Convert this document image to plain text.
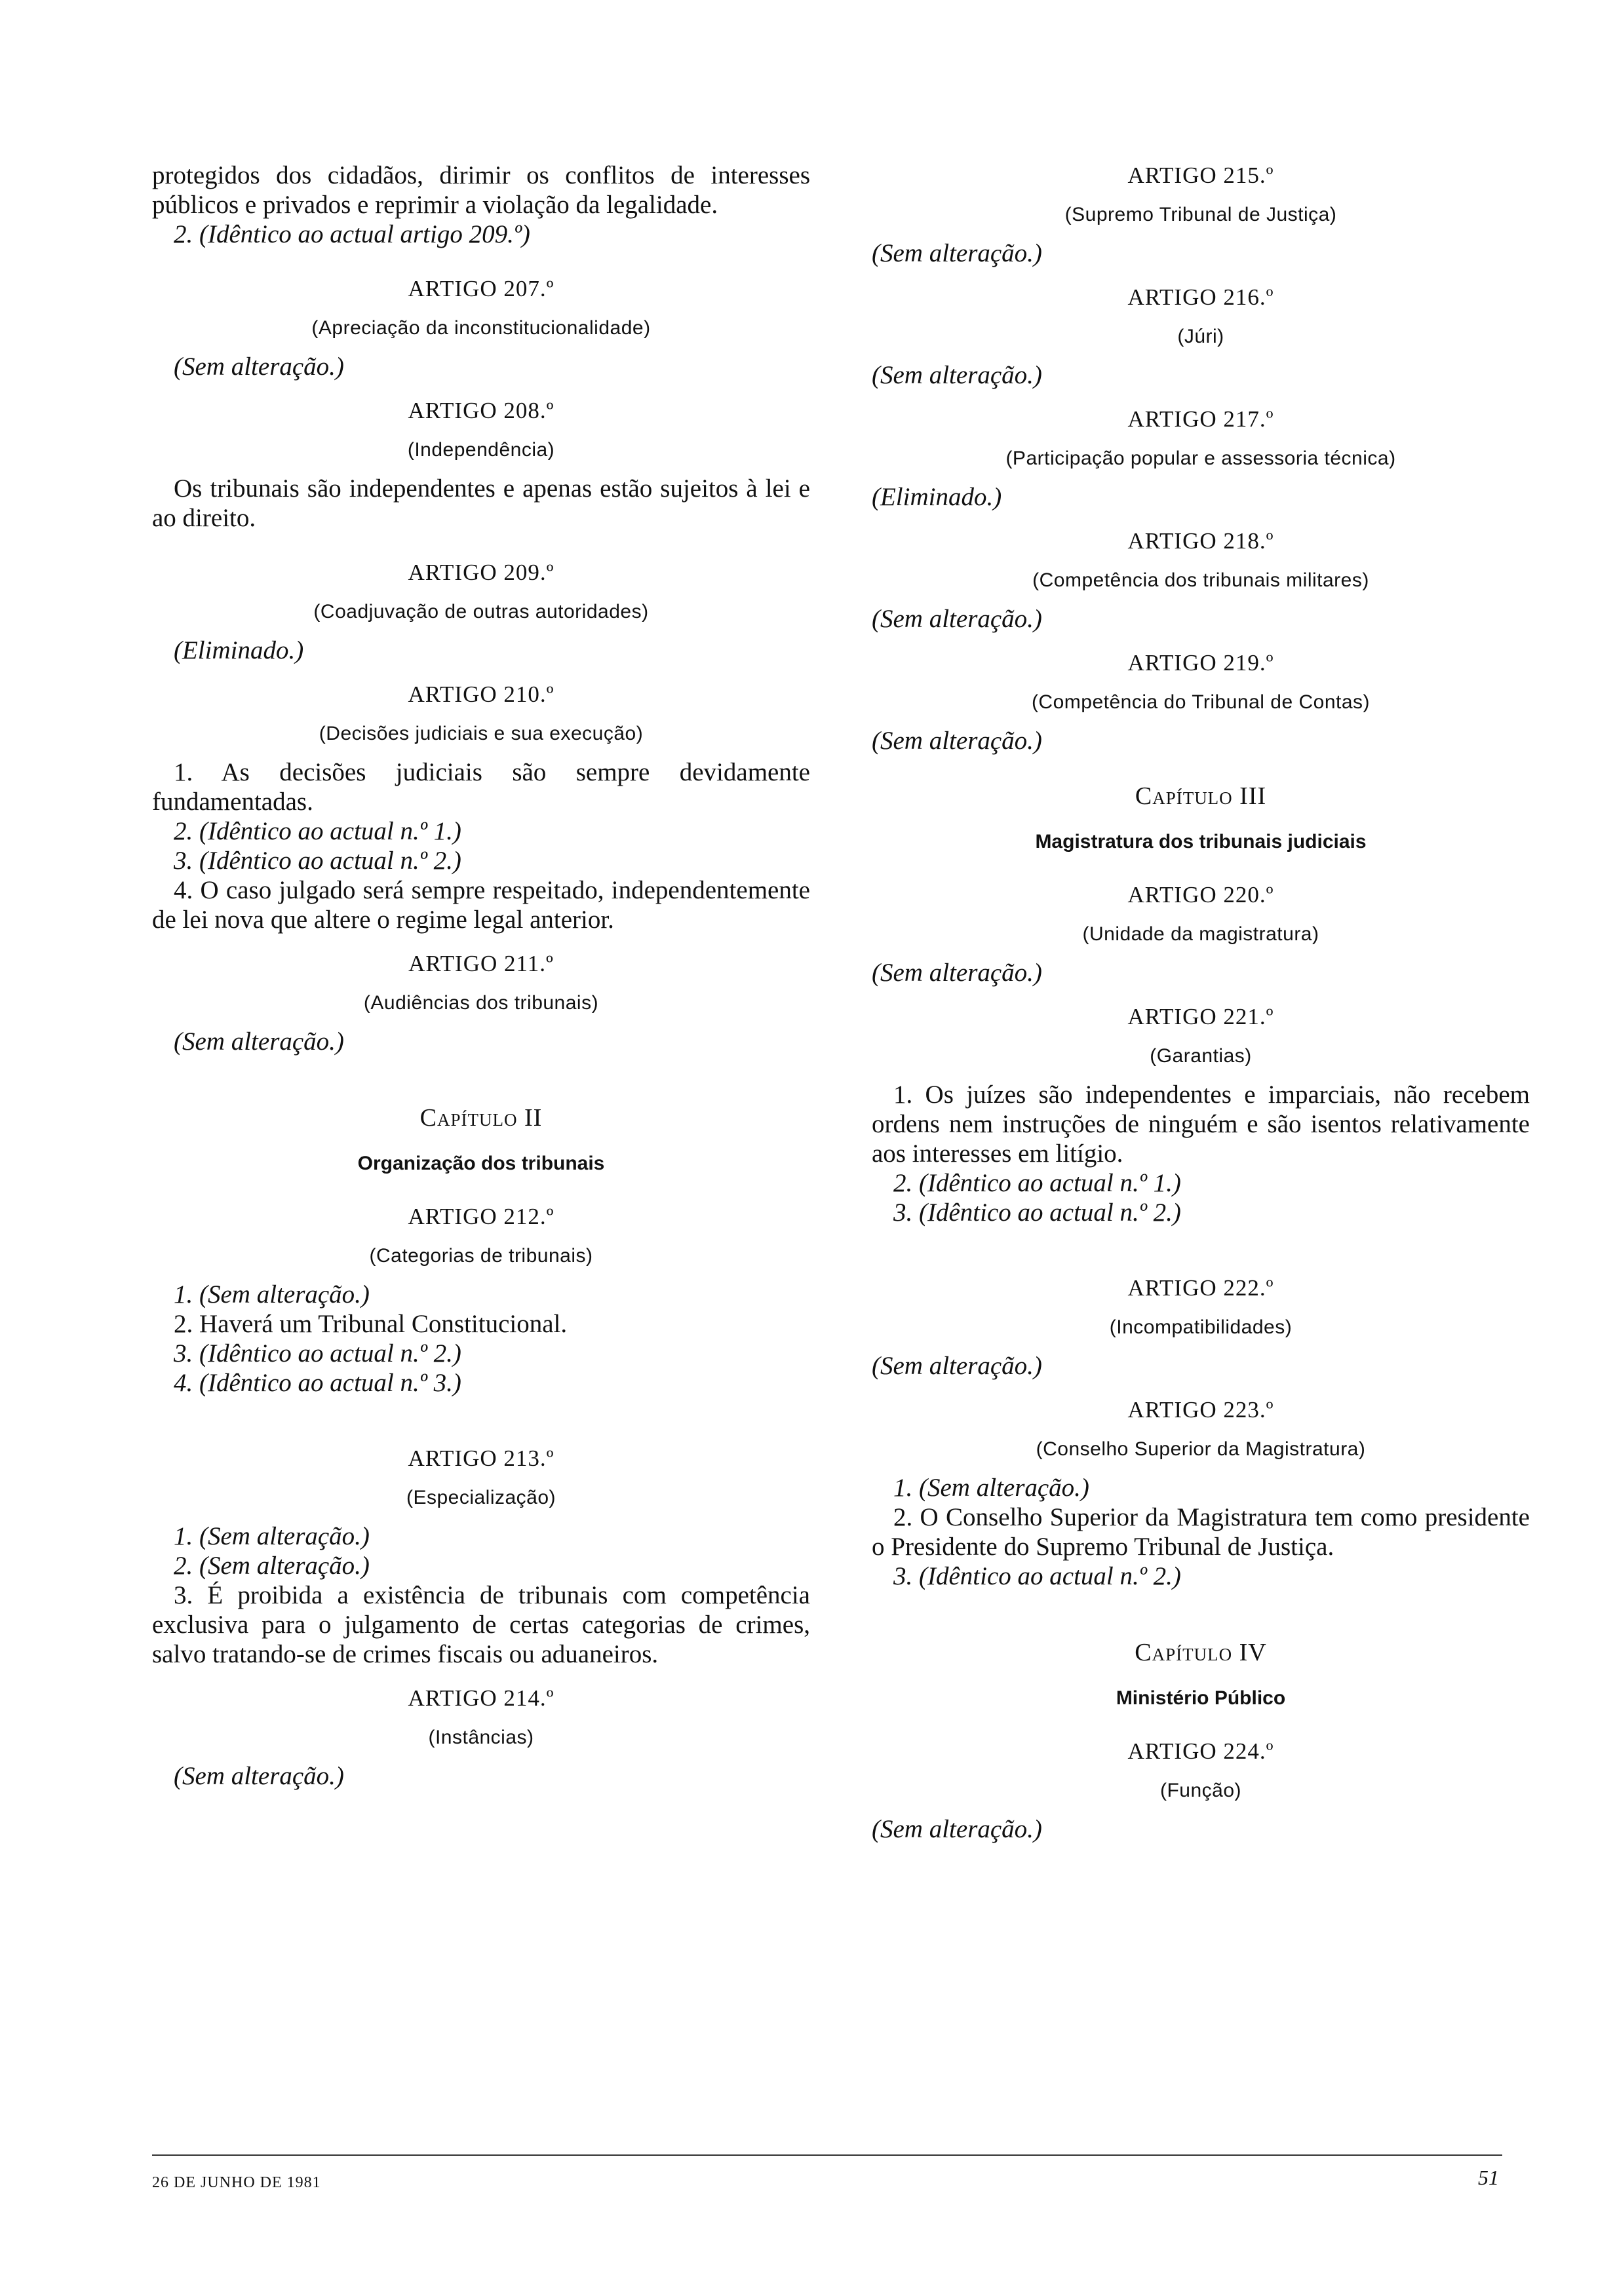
protegidos dos cidadãos, dirimir os conflitos de interesses públicos e privados e reprimir a violação da legalidade.

2. (Idêntico ao actual artigo 209.º)

ARTIGO 207.º

(Apreciação da inconstitucionalidade)

(Sem alteração.)

ARTIGO 208.º

(Independência)

Os tribunais são independentes e apenas estão sujeitos à lei e ao direito.

ARTIGO 209.º

(Coadjuvação de outras autoridades)

(Eliminado.)

ARTIGO 210.º

(Decisões judiciais e sua execução)

1. As decisões judiciais são sempre devidamente fundamentadas.

2. (Idêntico ao actual n.º 1.)

3. (Idêntico ao actual n.º 2.)

4. O caso julgado será sempre respeitado, independentemente de lei nova que altere o regime legal anterior.

ARTIGO 211.º

(Audiências dos tribunais)

(Sem alteração.)

Capítulo II

Organização dos tribunais

ARTIGO 212.º

(Categorias de tribunais)

1. (Sem alteração.)

2. Haverá um Tribunal Constitucional.

3. (Idêntico ao actual n.º 2.)

4. (Idêntico ao actual n.º 3.)

ARTIGO 213.º

(Especialização)

1. (Sem alteração.)

2. (Sem alteração.)

3. É proibida a existência de tribunais com competência exclusiva para o julgamento de certas categorias de crimes, salvo tratando-se de crimes fiscais ou aduaneiros.

ARTIGO 214.º

(Instâncias)

(Sem alteração.)

ARTIGO 215.º

(Supremo Tribunal de Justiça)

(Sem alteração.)

ARTIGO 216.º

(Júri)

(Sem alteração.)

ARTIGO 217.º

(Participação popular e assessoria técnica)

(Eliminado.)

ARTIGO 218.º

(Competência dos tribunais militares)

(Sem alteração.)

ARTIGO 219.º

(Competência do Tribunal de Contas)

(Sem alteração.)

Capítulo III

Magistratura dos tribunais judiciais

ARTIGO 220.º

(Unidade da magistratura)

(Sem alteração.)

ARTIGO 221.º

(Garantias)

1. Os juízes são independentes e imparciais, não recebem ordens nem instruções de ninguém e são isentos relativamente aos interesses em litígio.

2. (Idêntico ao actual n.º 1.)

3. (Idêntico ao actual n.º 2.)

ARTIGO 222.º

(Incompatibilidades)

(Sem alteração.)

ARTIGO 223.º

(Conselho Superior da Magistratura)

1. (Sem alteração.)

2. O Conselho Superior da Magistratura tem como presidente o Presidente do Supremo Tribunal de Justiça.

3. (Idêntico ao actual n.º 2.)

Capítulo IV

Ministério Público

ARTIGO 224.º

(Função)

(Sem alteração.)

26 DE JUNHO DE 1981	51
